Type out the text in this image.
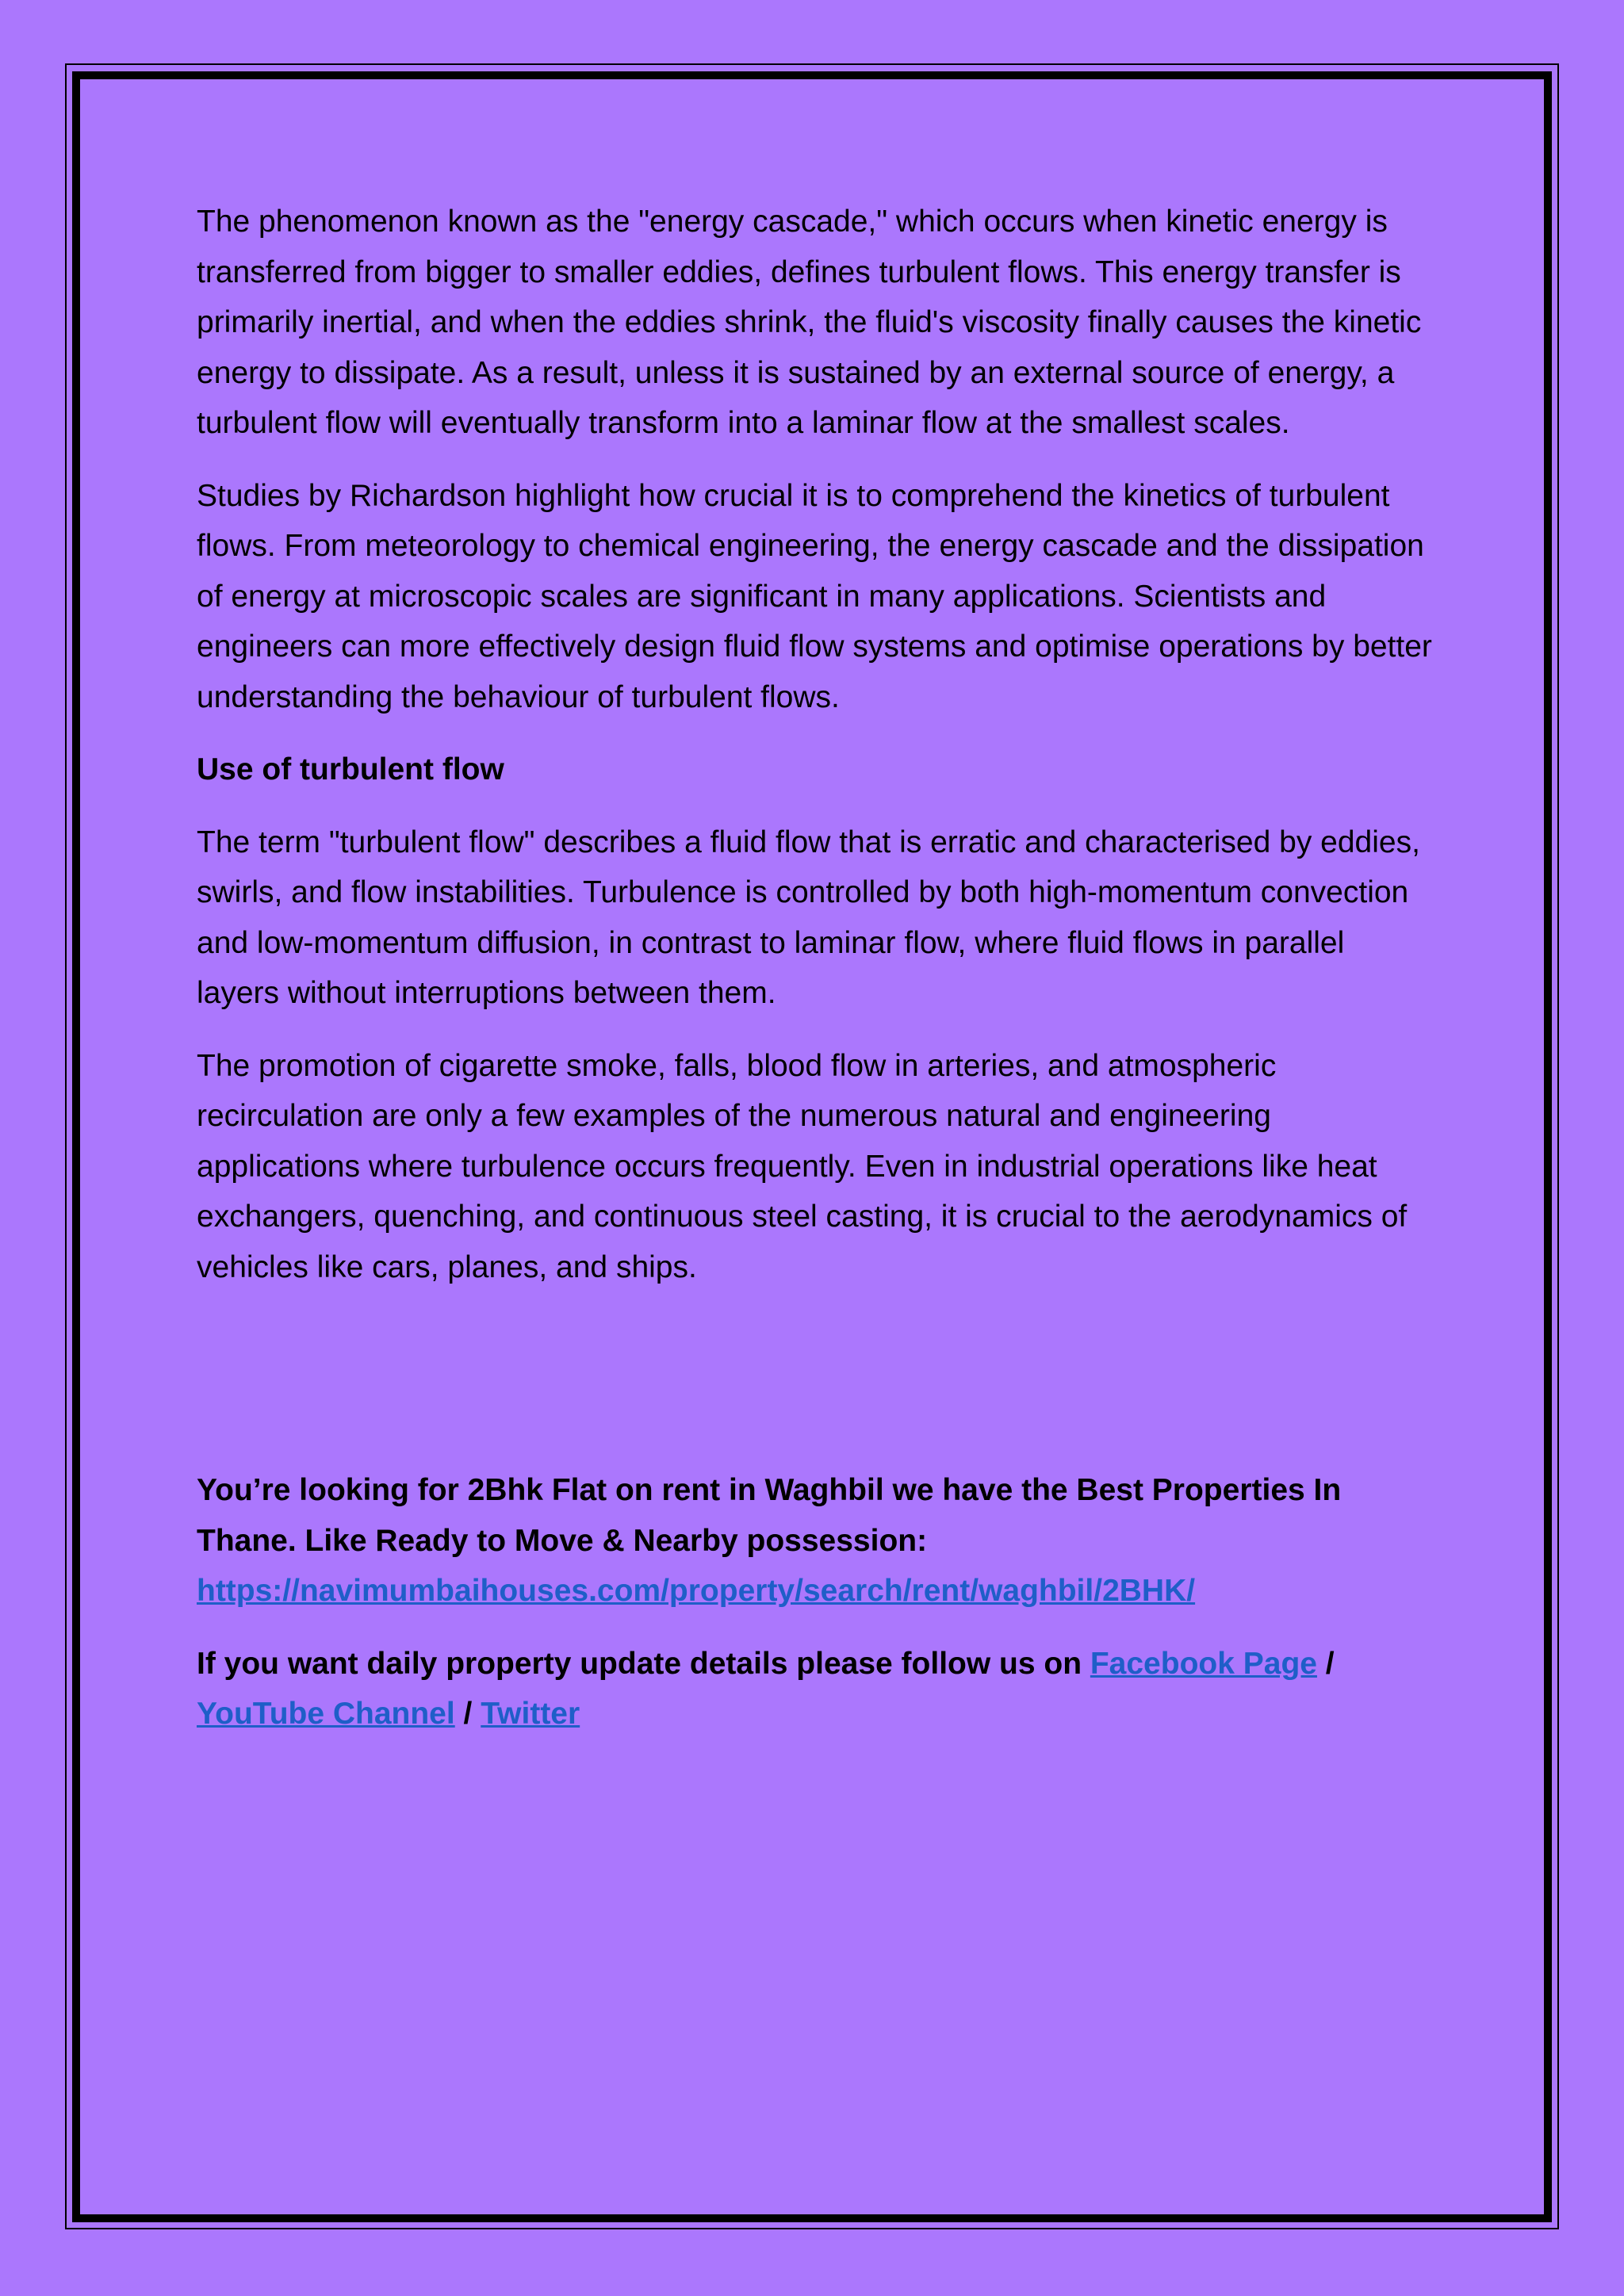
The phenomenon known as the "energy cascade," which occurs when kinetic energy is transferred from bigger to smaller eddies, defines turbulent flows. This energy transfer is primarily inertial, and when the eddies shrink, the fluid's viscosity finally causes the kinetic energy to dissipate. As a result, unless it is sustained by an external source of energy, a turbulent flow will eventually transform into a laminar flow at the smallest scales.

Studies by Richardson highlight how crucial it is to comprehend the kinetics of turbulent flows. From meteorology to chemical engineering, the energy cascade and the dissipation of energy at microscopic scales are significant in many applications. Scientists and engineers can more effectively design fluid flow systems and optimise operations by better understanding the behaviour of turbulent flows.

Use of turbulent flow

The term "turbulent flow" describes a fluid flow that is erratic and characterised by eddies, swirls, and flow instabilities. Turbulence is controlled by both high-momentum convection and low-momentum diffusion, in contrast to laminar flow, where fluid flows in parallel layers without interruptions between them.

The promotion of cigarette smoke, falls, blood flow in arteries, and atmospheric recirculation are only a few examples of the numerous natural and engineering applications where turbulence occurs frequently. Even in industrial operations like heat exchangers, quenching, and continuous steel casting, it is crucial to the aerodynamics of vehicles like cars, planes, and ships.

You’re looking for 2Bhk Flat on rent in Waghbil we have the Best Properties In Thane. Like Ready to Move & Nearby possession: https://navimumbaihouses.com/property/search/rent/waghbil/2BHK/

If you want daily property update details please follow us on Facebook Page / YouTube Channel / Twitter
